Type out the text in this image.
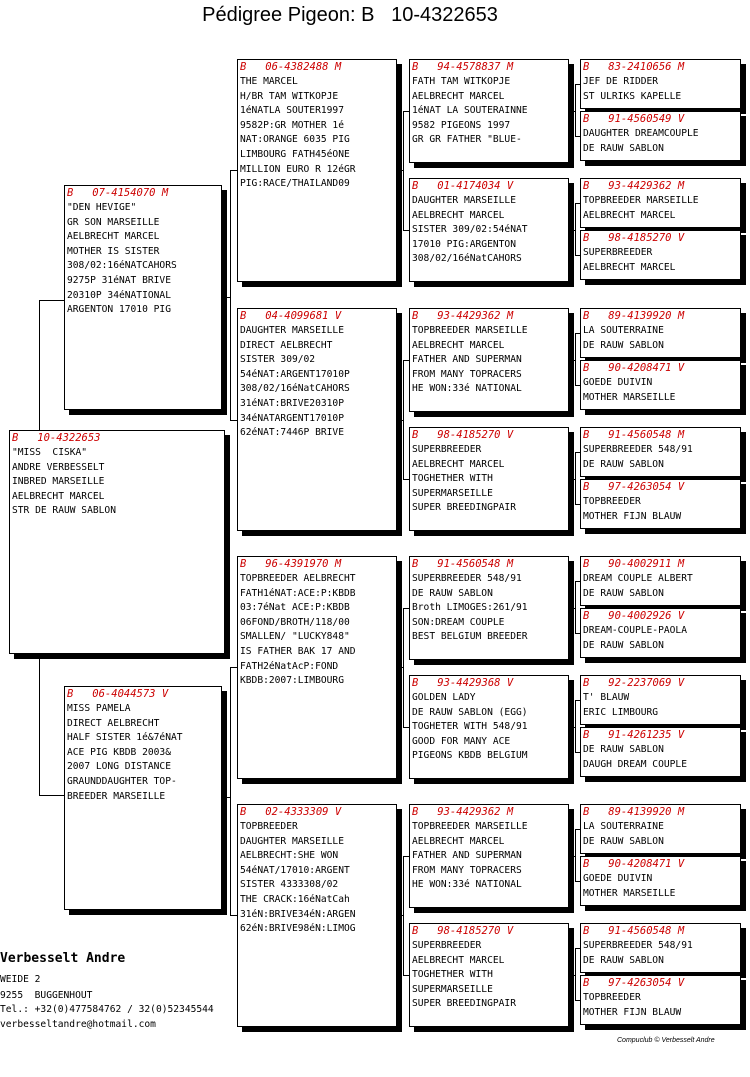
Pédigree Pigeon: B   10-4322653
B   10-4322653
"MISS  CISKA"
ANDRE VERBESSELT
INBRED MARSEILLE
AELBRECHT MARCEL
STR DE RAUW SABLON
B   07-4154070 M
"DEN HEVIGE"
GR SON MARSEILLE
AELBRECHT MARCEL
MOTHER IS SISTER
308/02:16éNATCAHORS
9275P 31éNAT BRIVE
20310P 34éNATIONAL
ARGENTON 17010 PIG
B   06-4044573 V
MISS PAMELA
DIRECT AELBRECHT
HALF SISTER 1é&7éNAT
ACE PIG KBDB 2003&
2007 LONG DISTANCE
GRAUNDDAUGHTER TOP-
BREEDER MARSEILLE
B   06-4382488 M
THE MARCEL
H/BR TAM WITKOPJE
1éNATLA SOUTER1997
9582P:GR MOTHER 1é
NAT:ORANGE 6035 PIG
LIMBOURG FATH45éONE
MILLION EURO R 12éGR
PIG:RACE/THAILAND09
B   04-4099681 V
DAUGHTER MARSEILLE
DIRECT AELBRECHT
SISTER 309/02
54éNAT:ARGENT17010P
308/02/16éNatCAHORS
31éNAT:BRIVE20310P
34éNATARGENT17010P
62éNAT:7446P BRIVE
B   96-4391970 M
TOPBREEDER AELBRECHT
FATH1éNAT:ACE:P:KBDB
03:7éNat ACE:P:KBDB
06FOND/BROTH/118/00
SMALLEN/ "LUCKY848"
IS FATHER BAK 17 AND
FATH2éNatAcP:FOND
KBDB:2007:LIMBOURG
B   02-4333309 V
TOPBREEDER
DAUGHTER MARSEILLE
AELBRECHT:SHE WON
54éNAT/17010:ARGENT
SISTER 4333308/02
THE CRACK:16éNatCah
31éN:BRIVE34éN:ARGEN
62éN:BRIVE98éN:LIMOG
B   94-4578837 M
FATH TAM WITKOPJE
AELBRECHT MARCEL
1éNAT LA SOUTERAINNE
9582 PIGEONS 1997
GR GR FATHER "BLUE-
B   01-4174034 V
DAUGHTER MARSEILLE
AELBRECHT MARCEL
SISTER 309/02:54éNAT
17010 PIG:ARGENTON
308/02/16éNatCAHORS
B   93-4429362 M
TOPBREEDER MARSEILLE
AELBRECHT MARCEL
FATHER AND SUPERMAN
FROM MANY TOPRACERS
HE WON:33é NATIONAL
B   98-4185270 V
SUPERBREEDER
AELBRECHT MARCEL
TOGHETHER WITH
SUPERMARSEILLE
SUPER BREEDINGPAIR
B   91-4560548 M
SUPERBREEDER 548/91
DE RAUW SABLON
Broth LIMOGES:261/91
SON:DREAM COUPLE
BEST BELGIUM BREEDER
B   93-4429368 V
GOLDEN LADY
DE RAUW SABLON (EGG)
TOGHETER WITH 548/91
GOOD FOR MANY ACE
PIGEONS KBDB BELGIUM
B   93-4429362 M
TOPBREEDER MARSEILLE
AELBRECHT MARCEL
FATHER AND SUPERMAN
FROM MANY TOPRACERS
HE WON:33é NATIONAL
B   98-4185270 V
SUPERBREEDER
AELBRECHT MARCEL
TOGHETHER WITH
SUPERMARSEILLE
SUPER BREEDINGPAIR
B   83-2410656 M
JEF DE RIDDER
ST ULRIKS KAPELLE
B   91-4560549 V
DAUGHTER DREAMCOUPLE
DE RAUW SABLON
B   93-4429362 M
TOPBREEDER MARSEILLE
AELBRECHT MARCEL
B   98-4185270 V
SUPERBREEDER
AELBRECHT MARCEL
B   89-4139920 M
LA SOUTERRAINE
DE RAUW SABLON
B   90-4208471 V
GOEDE DUIVIN
MOTHER MARSEILLE
B   91-4560548 M
SUPERBREEDER 548/91
DE RAUW SABLON
B   97-4263054 V
TOPBREEDER
MOTHER FIJN BLAUW
B   90-4002911 M
DREAM COUPLE ALBERT
DE RAUW SABLON
B   90-4002926 V
DREAM-COUPLE-PAOLA
DE RAUW SABLON
B   92-2237069 V
T' BLAUW
ERIC LIMBOURG
B   91-4261235 V
DE RAUW SABLON
DAUGH DREAM COUPLE
B   89-4139920 M
LA SOUTERRAINE
DE RAUW SABLON
B   90-4208471 V
GOEDE DUIVIN
MOTHER MARSEILLE
B   91-4560548 M
SUPERBREEDER 548/91
DE RAUW SABLON
B   97-4263054 V
TOPBREEDER
MOTHER FIJN BLAUW
Verbesselt Andre
WEIDE 2
9255  BUGGENHOUT
Tel.: +32(0)477584762 / 32(0)52345544
verbesseltandre@hotmail.com
Compuclub © Verbesselt Andre
